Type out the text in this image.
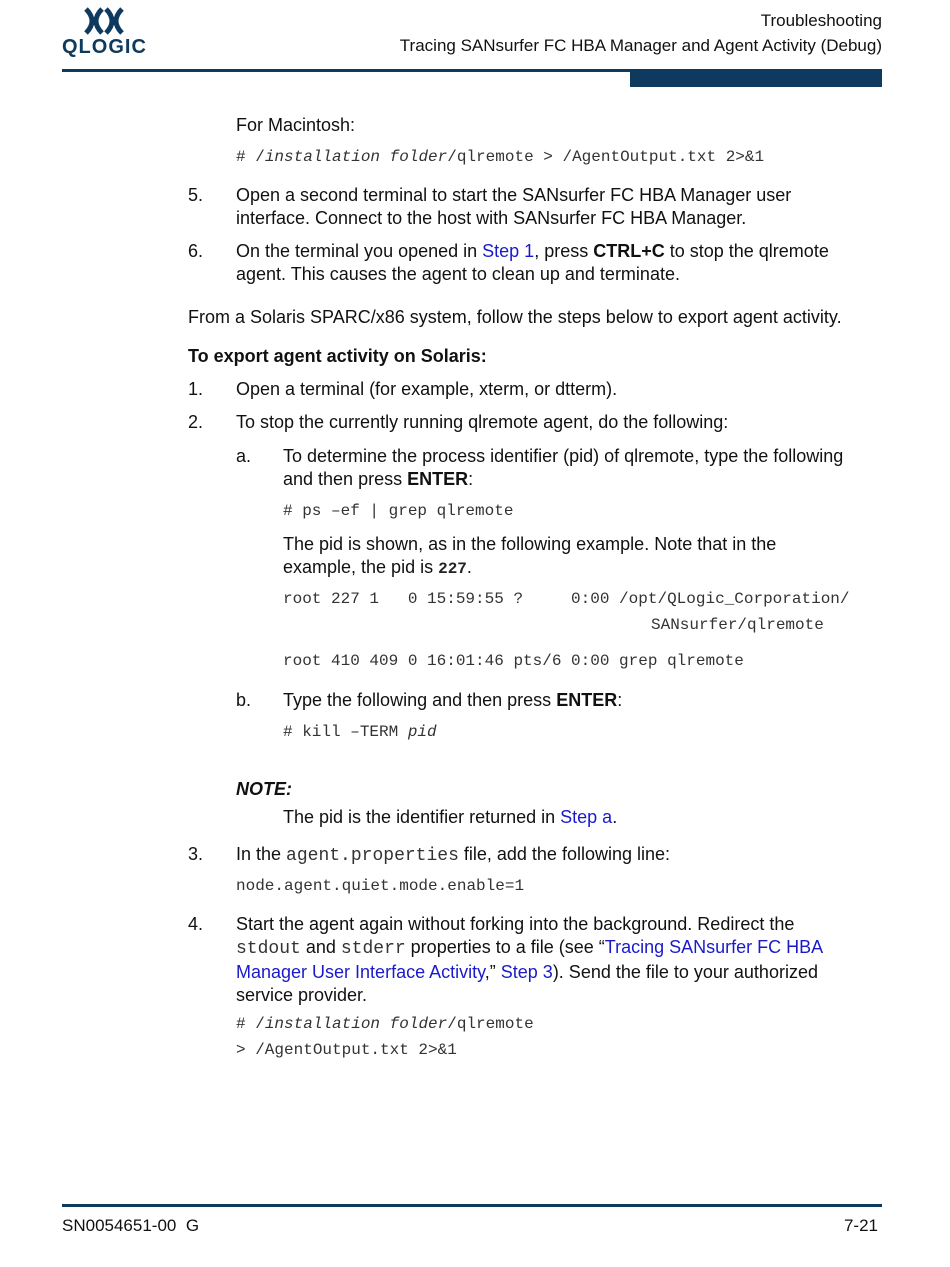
QLOGIC
Troubleshooting
Tracing SANsurfer FC HBA Manager and Agent Activity (Debug)
For Macintosh:
# /installation folder/qlremote > /AgentOutput.txt 2>&1
5. Open a second terminal to start the SANsurfer FC HBA Manager user
interface. Connect to the host with SANsurfer FC HBA Manager.
6. On the terminal you opened in Step 1, press CTRL+C to stop the qlremote
agent. This causes the agent to clean up and terminate.
From a Solaris SPARC/x86 system, follow the steps below to export agent activity.
To export agent activity on Solaris:
1. Open a terminal (for example, xterm, or dtterm).
2. To stop the currently running qlremote agent, do the following:
a. To determine the process identifier (pid) of qlremote, type the following
and then press ENTER:
# ps –ef | grep qlremote
The pid is shown, as in the following example. Note that in the
example, the pid is 227.
root 227 1   0 15:59:55 ?     0:00 /opt/QLogic_Corporation/
SANsurfer/qlremote
root 410 409 0 16:01:46 pts/6 0:00 grep qlremote
b. Type the following and then press ENTER:
# kill –TERM pid
NOTE:
The pid is the identifier returned in Step a.
3. In the agent.properties file, add the following line:
node.agent.quiet.mode.enable=1
4. Start the agent again without forking into the background. Redirect the
stdout and stderr properties to a file (see “Tracing SANsurfer FC HBA
Manager User Interface Activity,” Step 3). Send the file to your authorized
service provider.
# /installation folder/qlremote
> /AgentOutput.txt 2>&1
SN0054651-00  G	7-21
